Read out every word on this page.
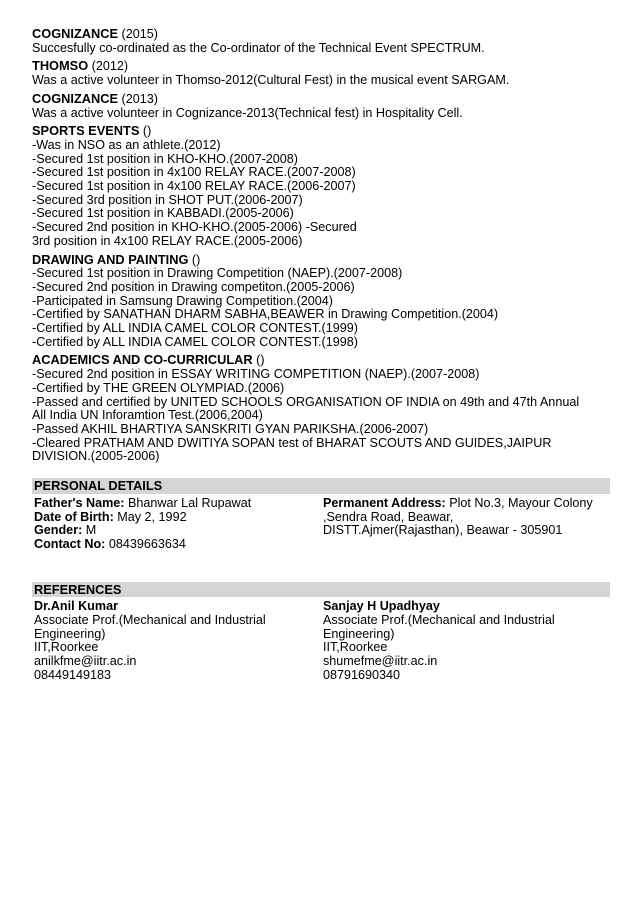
COGNIZANCE (2015)
Succesfully co-ordinated as the Co-ordinator of the Technical Event SPECTRUM.
THOMSO (2012)
Was a active volunteer in Thomso-2012(Cultural Fest) in the musical event SARGAM.
COGNIZANCE (2013)
Was a active volunteer in Cognizance-2013(Technical fest) in Hospitality Cell.
SPORTS EVENTS ()
-Was in NSO as an athlete.(2012)
-Secured 1st position in KHO-KHO.(2007-2008)
-Secured 1st position in 4x100 RELAY RACE.(2007-2008)
-Secured 1st position in 4x100 RELAY RACE.(2006-2007)
-Secured 3rd position in SHOT PUT.(2006-2007)
-Secured 1st position in KABBADI.(2005-2006)
-Secured 2nd position in KHO-KHO.(2005-2006) -Secured
3rd position in 4x100 RELAY RACE.(2005-2006)
DRAWING AND PAINTING ()
-Secured 1st position in Drawing Competition (NAEP).(2007-2008)
-Secured 2nd position in Drawing competiton.(2005-2006)
-Participated in Samsung Drawing Competition.(2004)
-Certified by SANATHAN DHARM SABHA,BEAWER in Drawing Competition.(2004)
-Certified by ALL INDIA CAMEL COLOR CONTEST.(1999)
-Certified by ALL INDIA CAMEL COLOR CONTEST.(1998)
ACADEMICS AND CO-CURRICULAR ()
-Secured 2nd position in ESSAY WRITING COMPETITION (NAEP).(2007-2008)
-Certified by THE GREEN OLYMPIAD.(2006)
-Passed and certified by UNITED SCHOOLS ORGANISATION OF INDIA on 49th and 47th Annual
All India UN Inforamtion Test.(2006,2004)
-Passed AKHIL BHARTIYA SANSKRITI GYAN PARIKSHA.(2006-2007)
-Cleared PRATHAM AND DWITIYA SOPAN test of BHARAT SCOUTS AND GUIDES,JAIPUR
DIVISION.(2005-2006)
PERSONAL DETAILS
Father's Name: Bhanwar Lal Rupawat
Date of Birth: May 2, 1992
Gender: M
Contact No: 08439663634
Permanent Address: Plot No.3, Mayour Colony
,Sendra Road, Beawar,
DISTT.Ajmer(Rajasthan), Beawar - 305901
REFERENCES
Dr.Anil Kumar
Associate Prof.(Mechanical and Industrial
Engineering)
IIT,Roorkee
anilkfme@iitr.ac.in
08449149183
Sanjay H Upadhyay
Associate Prof.(Mechanical and Industrial
Engineering)
IIT,Roorkee
shumefme@iitr.ac.in
08791690340
